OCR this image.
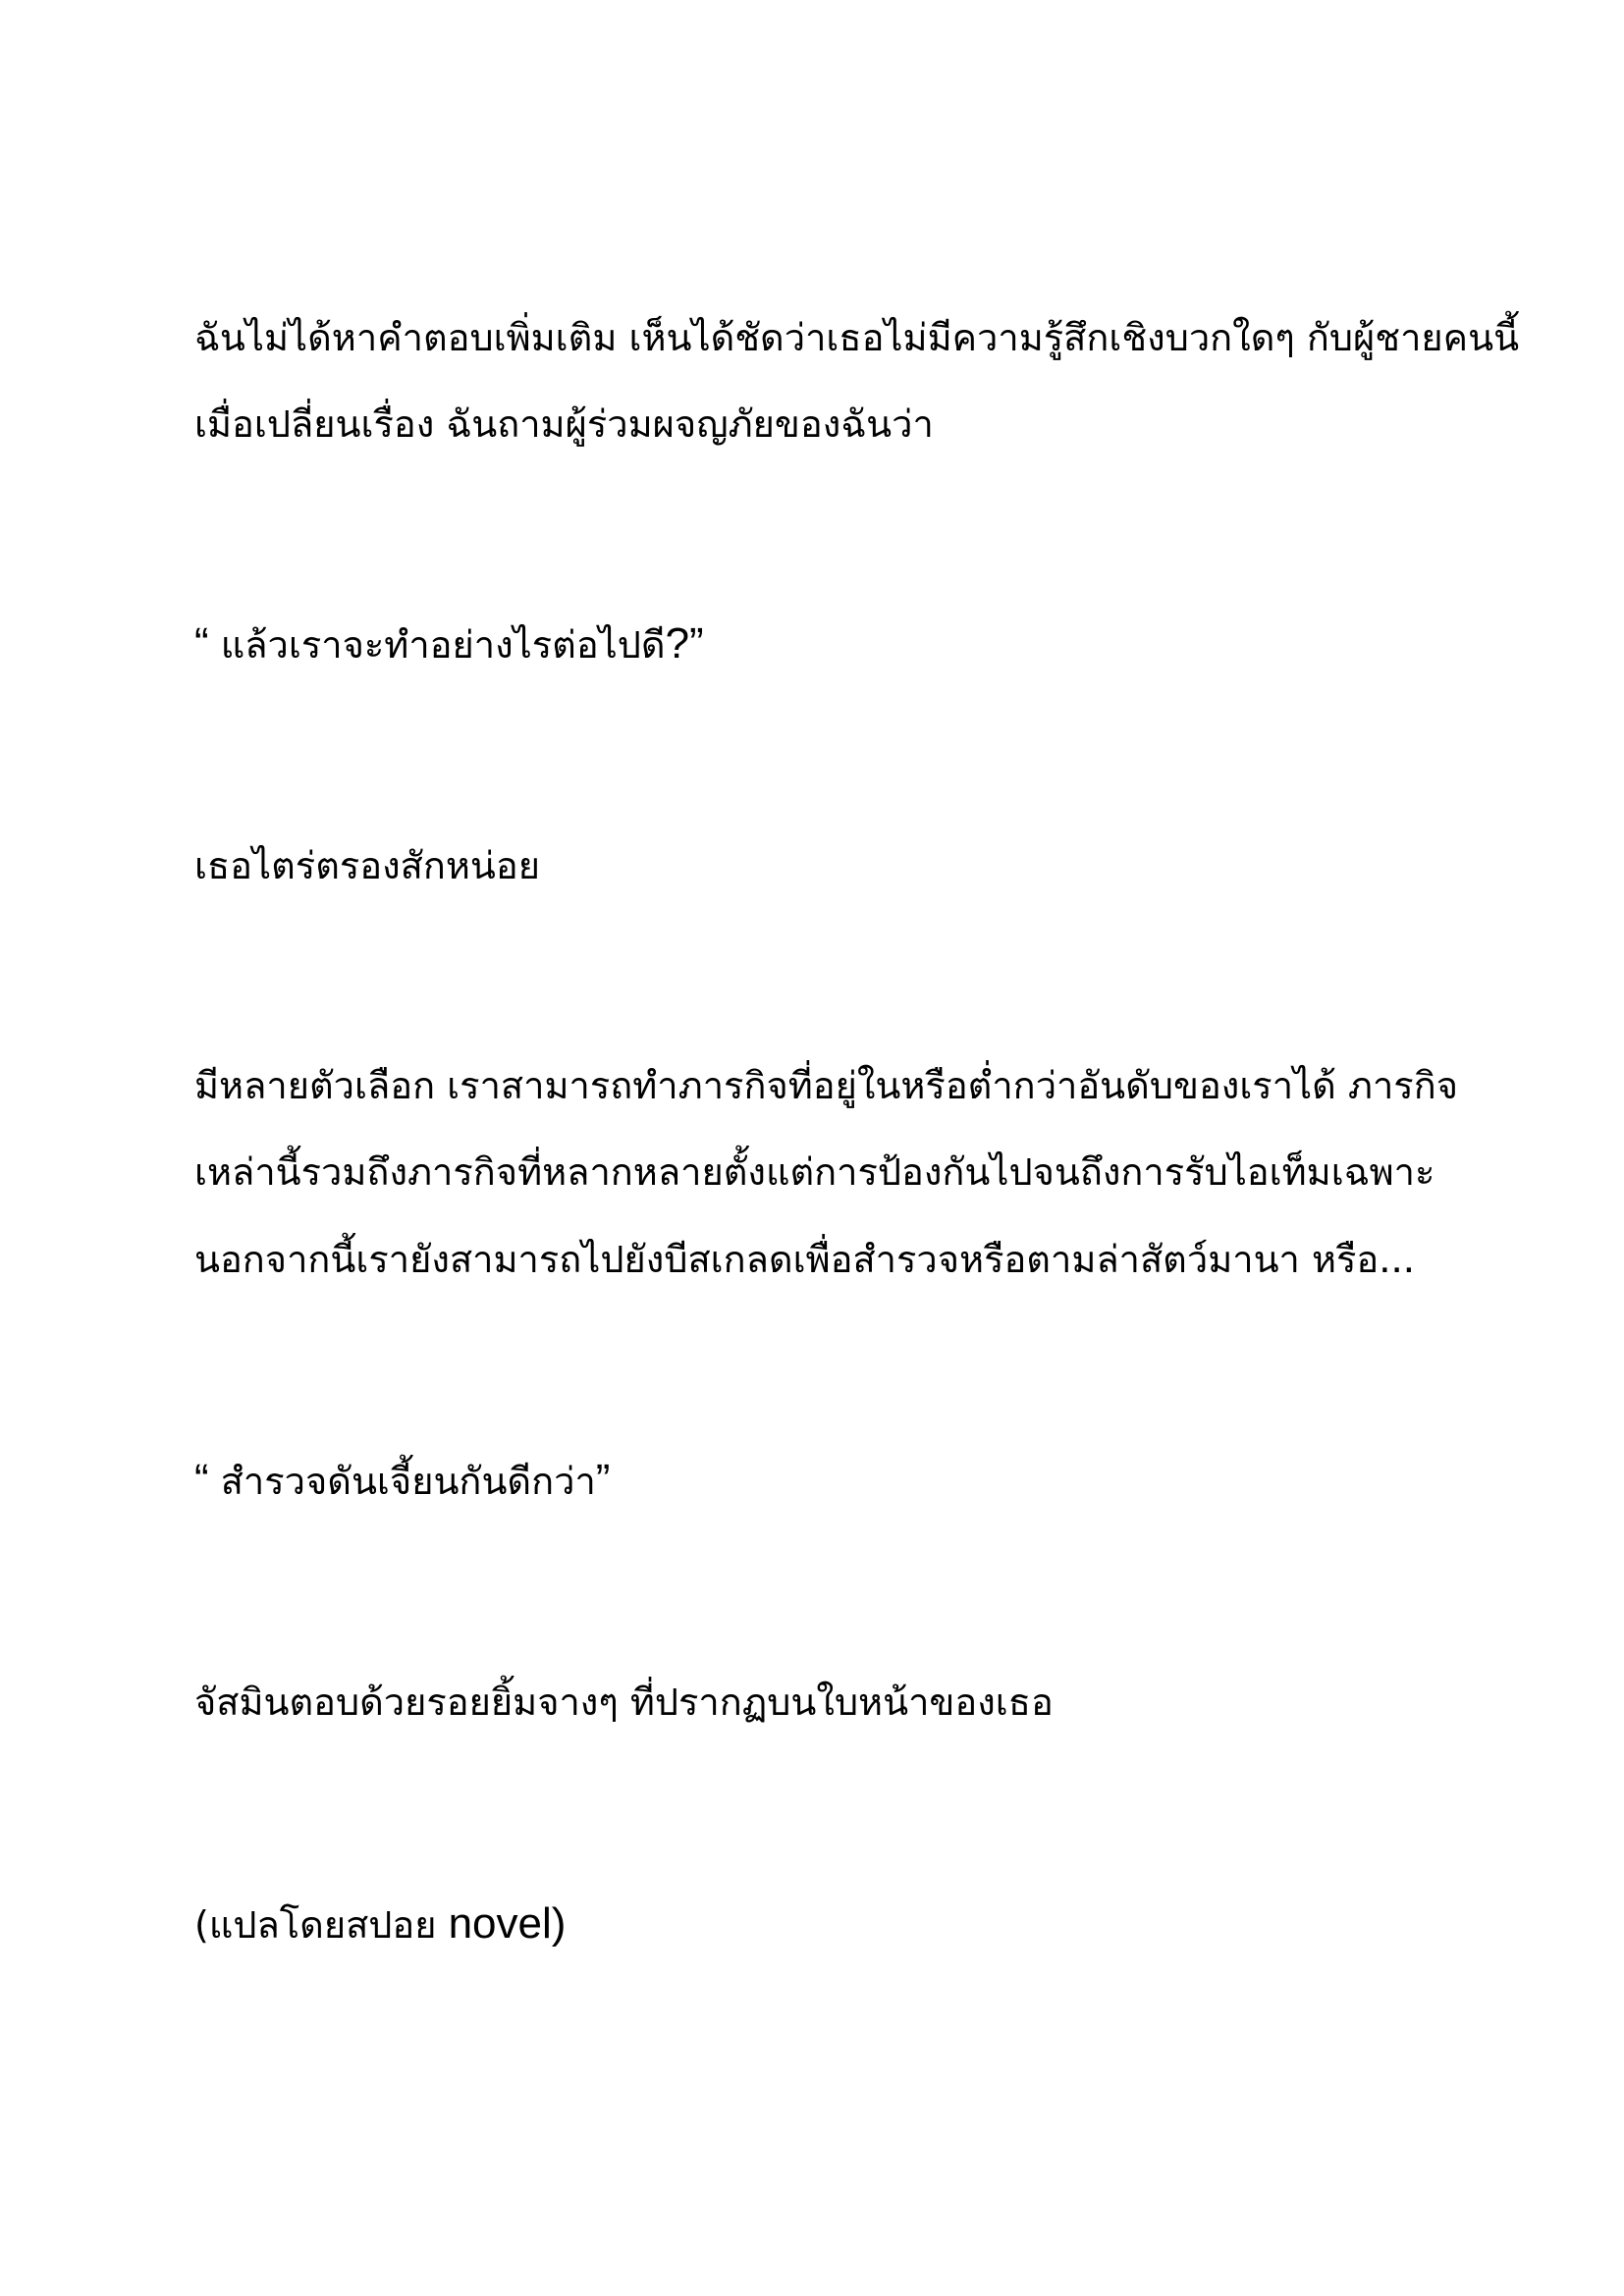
ฉันไม่ได้หาคำตอบเพิ่มเติม เห็นได้ชัดว่าเธอไม่มีความรู้สึกเชิงบวกใดๆ กับผู้ชายคนนี้
เมื่อเปลี่ยนเรื่อง ฉันถามผู้ร่วมผจญภัยของฉันว่า
“ แล้วเราจะทำอย่างไรต่อไปดี?”
เธอไตร่ตรองสักหน่อย
มีหลายตัวเลือก เราสามารถทำภารกิจที่อยู่ในหรือต่ำกว่าอันดับของเราได้ ภารกิจ
เหล่านี้รวมถึงภารกิจที่หลากหลายตั้งแต่การป้องกันไปจนถึงการรับไอเท็มเฉพาะ
นอกจากนี้เรายังสามารถไปยังบีสเกลดเพื่อสำรวจหรือตามล่าสัตว์มานา หรือ...
“ สำรวจดันเจี้ยนกันดีกว่า”
จัสมินตอบด้วยรอยยิ้มจางๆ ที่ปรากฏบนใบหน้าของเธอ
(แปลโดยสปอย novel)
